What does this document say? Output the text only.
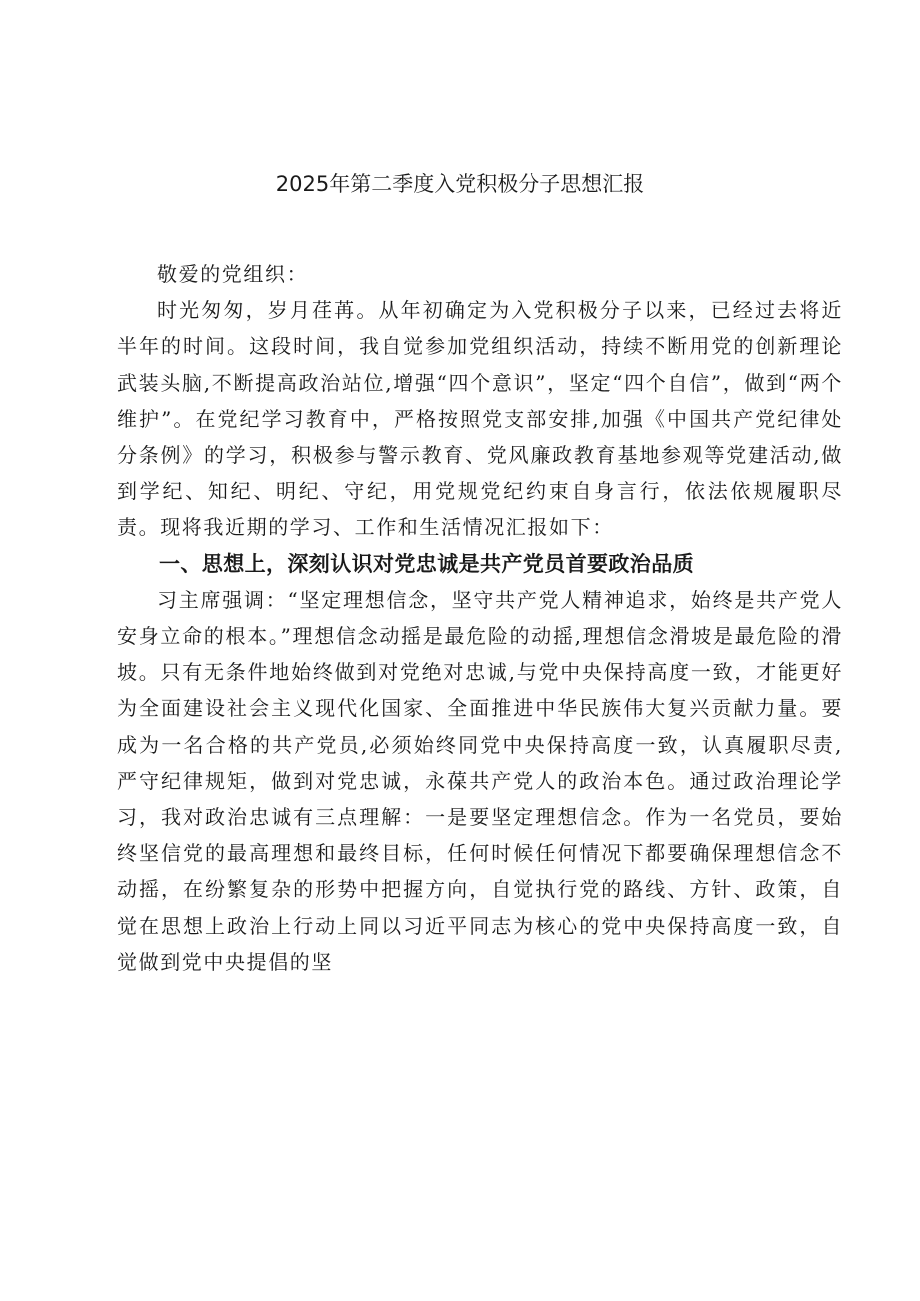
2025年第二季度入党积极分子思想汇报

敬爱的党组织：

时光匆匆，岁月荏苒。从年初确定为入党积极分子以来，已经过去将近半年的时间。这段时间，我自觉参加党组织活动，持续不断用党的创新理论武装头脑,不断提高政治站位,增强“四个意识”，坚定“四个自信”，做到“两个维护”。在党纪学习教育中，严格按照党支部安排,加强《中国共产党纪律处分条例》的学习，积极参与警示教育、党风廉政教育基地参观等党建活动,做到学纪、知纪、明纪、守纪，用党规党纪约束自身言行，依法依规履职尽责。现将我近期的学习、工作和生活情况汇报如下：

一、思想上，深刻认识对党忠诚是共产党员首要政治品质

习主席强调：“坚定理想信念，坚守共产党人精神追求，始终是共产党人安身立命的根本。”理想信念动摇是最危险的动摇,理想信念滑坡是最危险的滑坡。只有无条件地始终做到对党绝对忠诚,与党中央保持高度一致，才能更好为全面建设社会主义现代化国家、全面推进中华民族伟大复兴贡献力量。要成为一名合格的共产党员,必须始终同党中央保持高度一致，认真履职尽责,严守纪律规矩，做到对党忠诚，永葆共产党人的政治本色。通过政治理论学习，我对政治忠诚有三点理解：一是要坚定理想信念。作为一名党员，要始终坚信党的最高理想和最终目标，任何时候任何情况下都要确保理想信念不动摇，在纷繁复杂的形势中把握方向，自觉执行党的路线、方针、政策，自觉在思想上政治上行动上同以习近平同志为核心的党中央保持高度一致，自觉做到党中央提倡的坚
